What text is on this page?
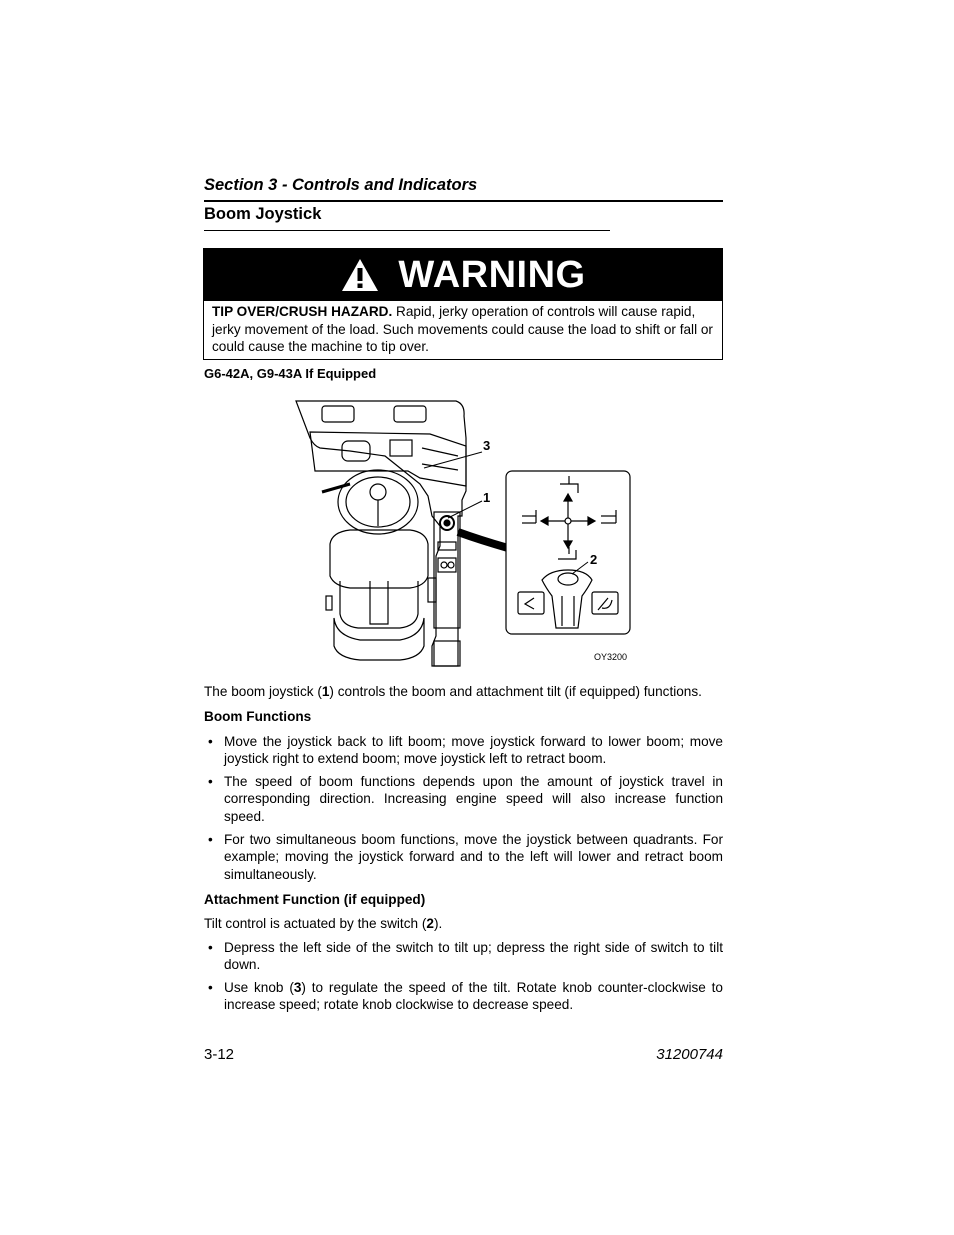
Section 3 - Controls and Indicators
Boom Joystick
WARNING
TIP OVER/CRUSH HAZARD. Rapid, jerky operation of controls will cause rapid, jerky movement of the load. Such movements could cause the load to shift or fall or could cause the machine to tip over.
G6-42A, G9-43A If Equipped
3
1
2
OY3200
The boom joystick (1) controls the boom and attachment tilt (if equipped) functions.
Boom Functions
• Move the joystick back to lift boom; move joystick forward to lower boom; move joystick right to extend boom; move joystick left to retract boom.
• The speed of boom functions depends upon the amount of joystick travel in corresponding direction. Increasing engine speed will also increase function speed.
• For two simultaneous boom functions, move the joystick between quadrants. For example; moving the joystick forward and to the left will lower and retract boom simultaneously.
Attachment Function (if equipped)
Tilt control is actuated by the switch (2).
• Depress the left side of the switch to tilt up; depress the right side of switch to tilt down.
• Use knob (3) to regulate the speed of the tilt. Rotate knob counter-clockwise to increase speed; rotate knob clockwise to decrease speed.
3-12	31200744
